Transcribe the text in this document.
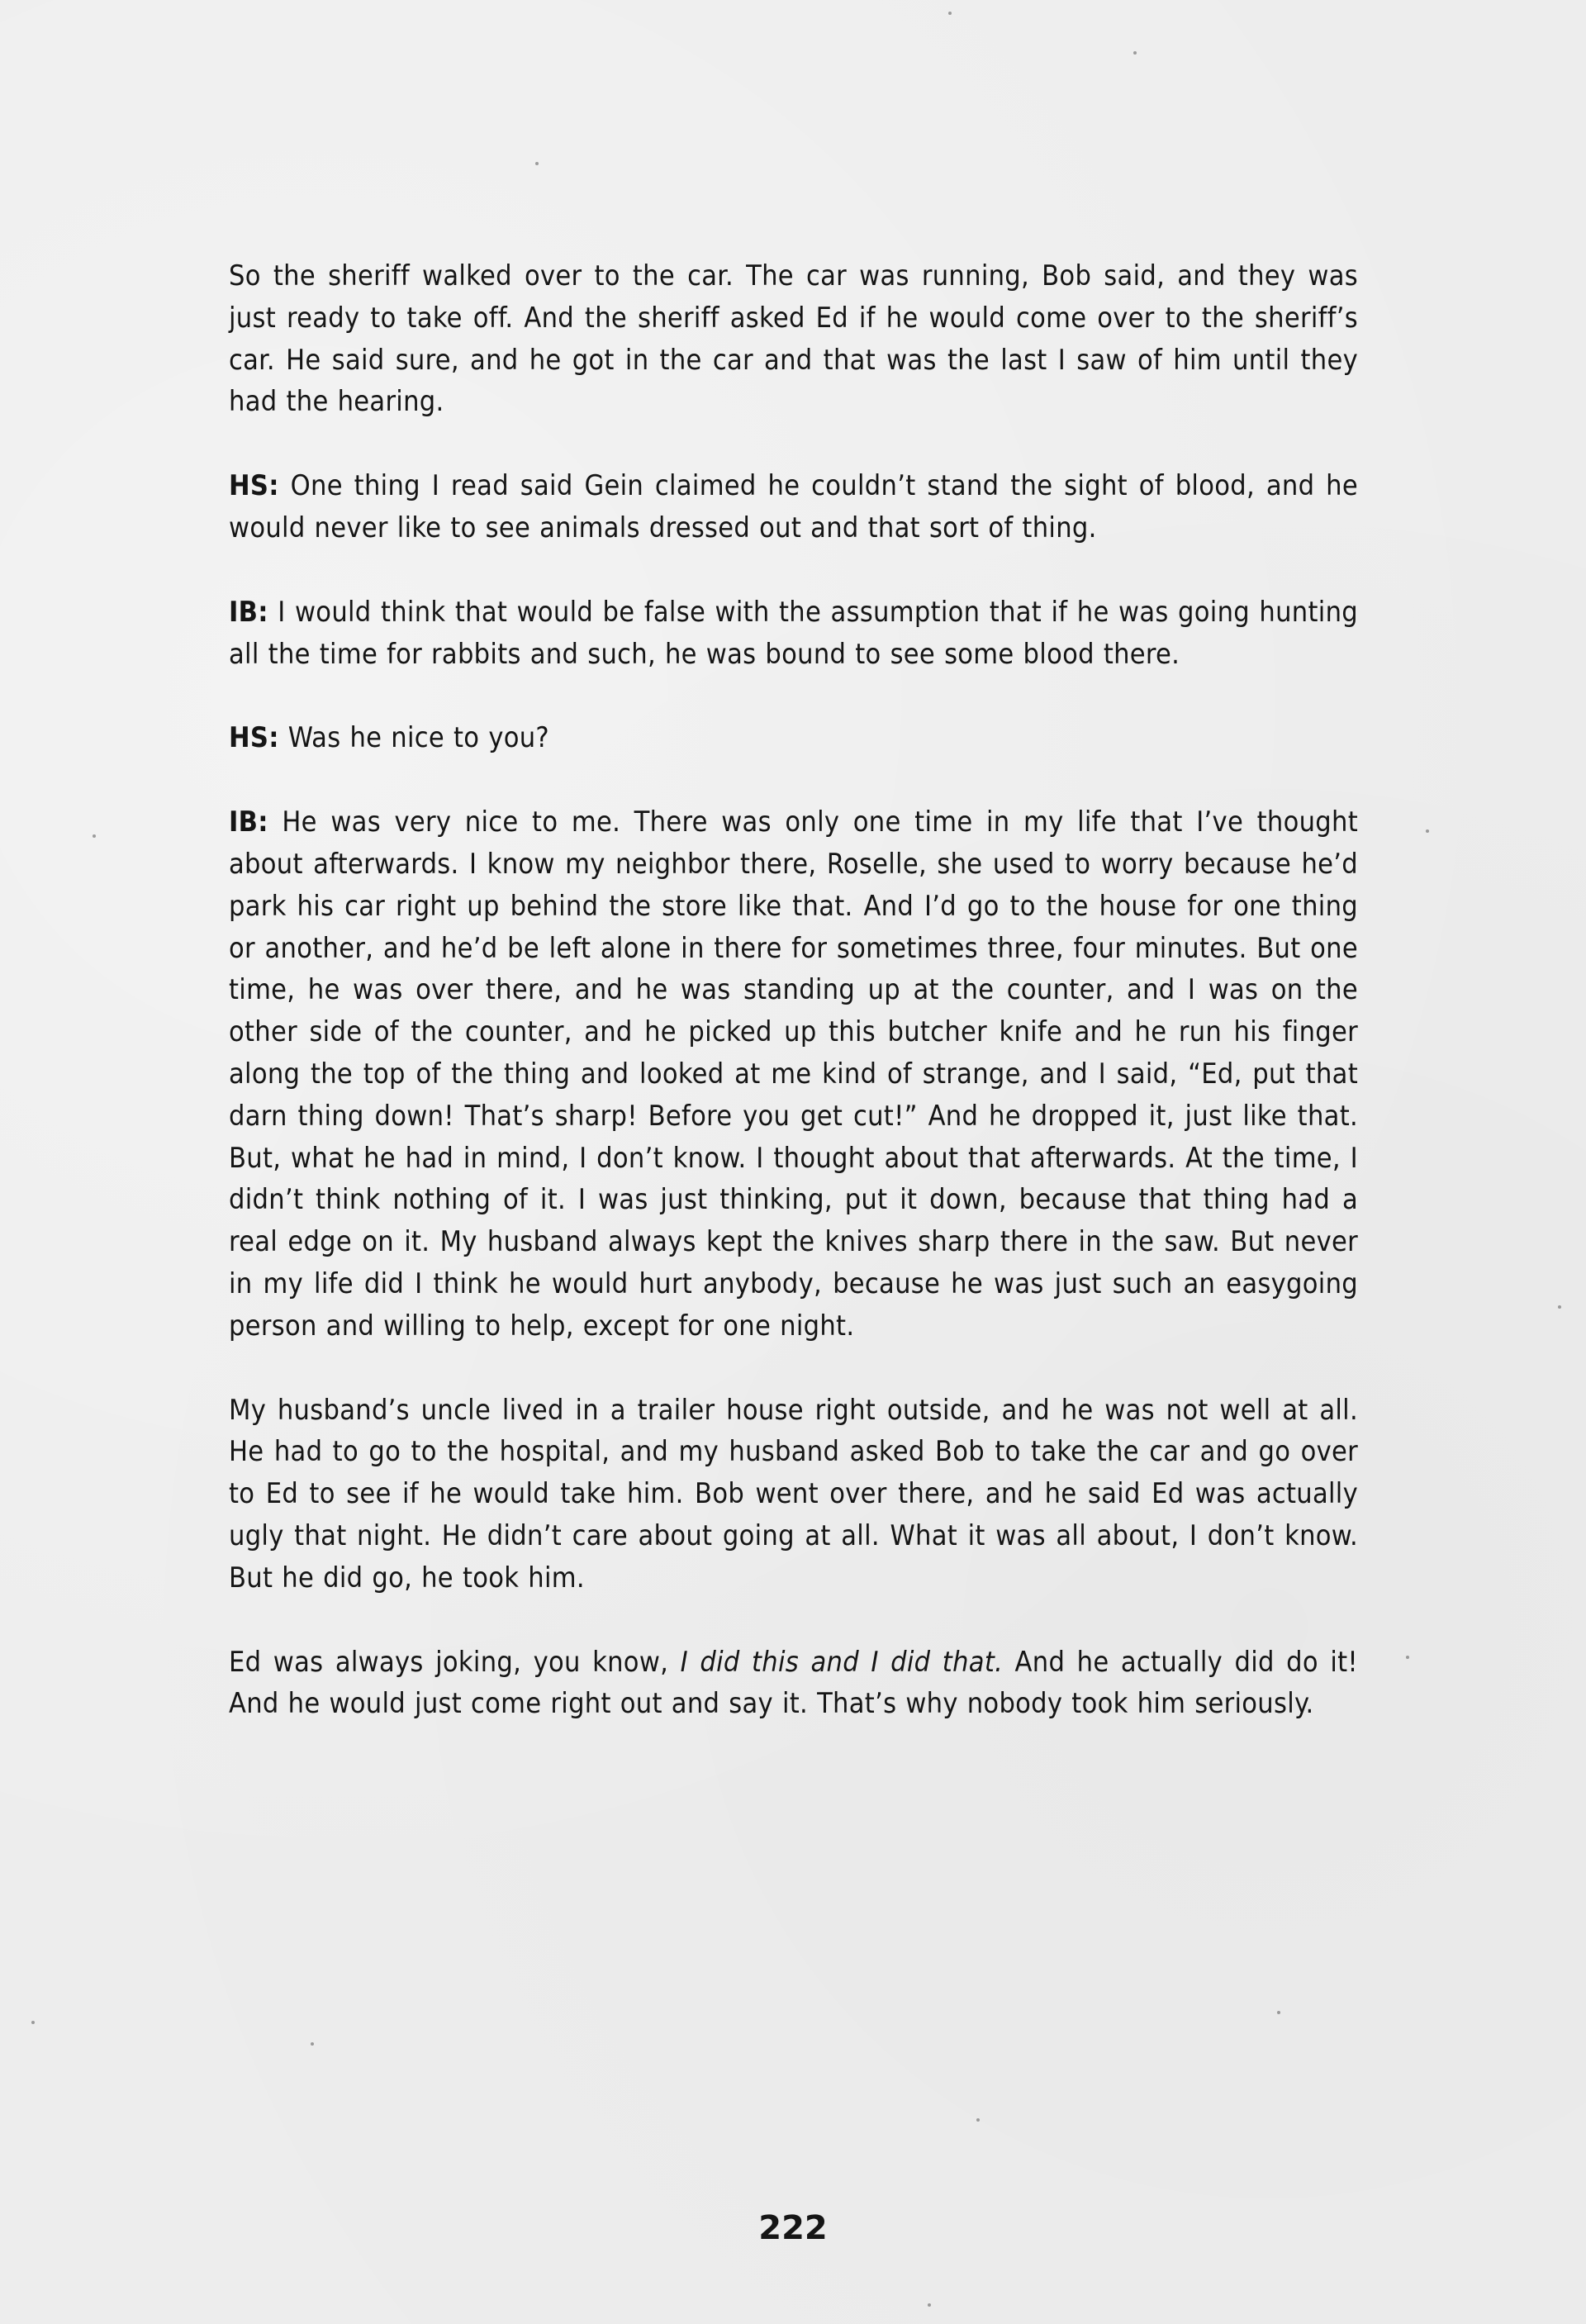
So the sheriff walked over to the car. The car was running, Bob said, and they was just ready to take off. And the sheriff asked Ed if he would come over to the sheriff’s car. He said sure, and he got in the car and that was the last I saw of him until they had the hearing.

HS: One thing I read said Gein claimed he couldn’t stand the sight of blood, and he would never like to see animals dressed out and that sort of thing.

IB: I would think that would be false with the assumption that if he was going hunting all the time for rabbits and such, he was bound to see some blood there.

HS: Was he nice to you?

IB: He was very nice to me. There was only one time in my life that I’ve thought about afterwards. I know my neighbor there, Roselle, she used to worry because he’d park his car right up behind the store like that. And I’d go to the house for one thing or another, and he’d be left alone in there for sometimes three, four minutes. But one time, he was over there, and he was standing up at the counter, and I was on the other side of the counter, and he picked up this butcher knife and he run his finger along the top of the thing and looked at me kind of strange, and I said, “Ed, put that darn thing down! That’s sharp! Before you get cut!” And he dropped it, just like that. But, what he had in mind, I don’t know. I thought about that afterwards. At the time, I didn’t think nothing of it. I was just thinking, put it down, because that thing had a real edge on it. My husband always kept the knives sharp there in the saw. But never in my life did I think he would hurt anybody, because he was just such an easygoing person and willing to help, except for one night.

My husband’s uncle lived in a trailer house right outside, and he was not well at all. He had to go to the hospital, and my husband asked Bob to take the car and go over to Ed to see if he would take him. Bob went over there, and he said Ed was actually ugly that night. He didn’t care about going at all. What it was all about, I don’t know. But he did go, he took him.

Ed was always joking, you know, I did this and I did that. And he actually did do it! And he would just come right out and say it. That’s why nobody took him seriously.

222
